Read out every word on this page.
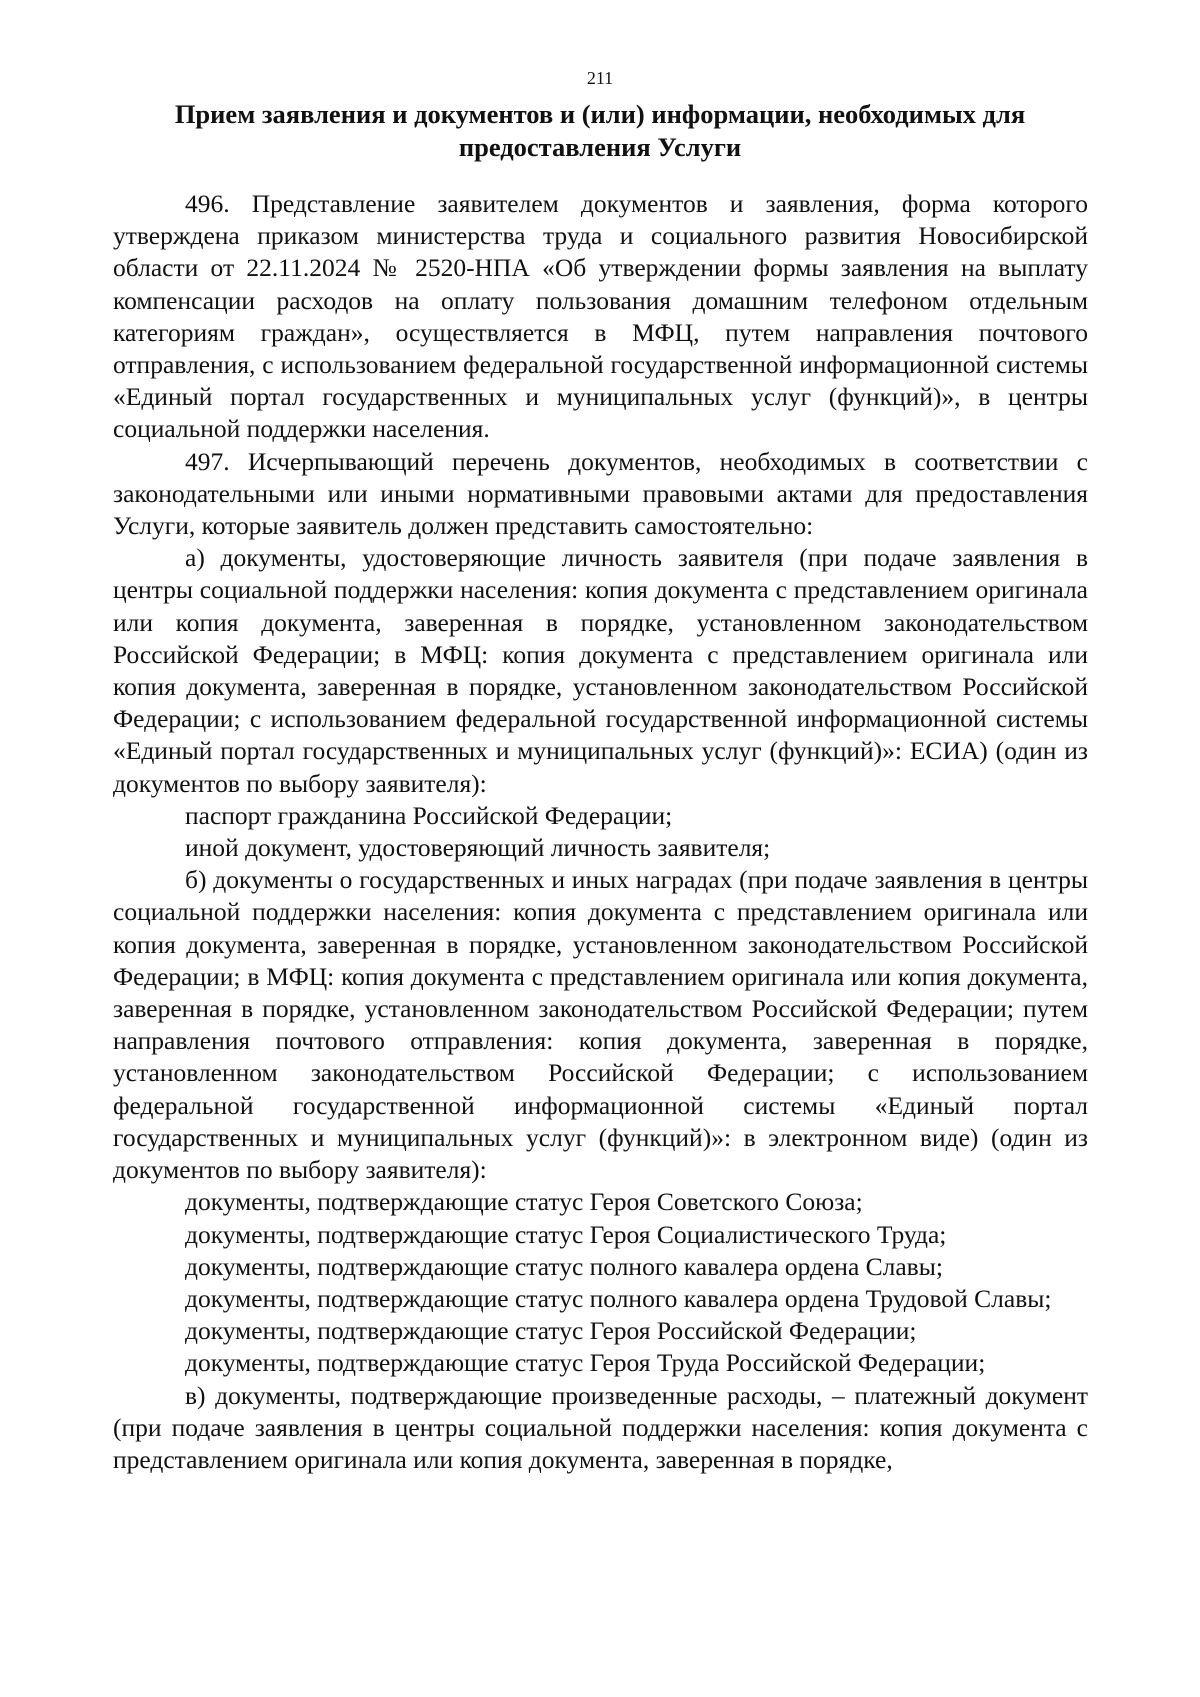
211
Прием заявления и документов и (или) информации, необходимых для
предоставления Услуги

496. Представление заявителем документов и заявления, форма которого утверждена приказом министерства труда и социального развития Новосибирской области от 22.11.2024 № 2520-НПА «Об утверждении формы заявления на выплату компенсации расходов на оплату пользования домашним телефоном отдельным категориям граждан», осуществляется в МФЦ, путем направления почтового отправления, с использованием федеральной государственной информационной системы «Единый портал государственных и муниципальных услуг (функций)», в центры социальной поддержки населения.

497. Исчерпывающий перечень документов, необходимых в соответствии с законодательными или иными нормативными правовыми актами для предоставления Услуги, которые заявитель должен представить самостоятельно:

а) документы, удостоверяющие личность заявителя (при подаче заявления в центры социальной поддержки населения: копия документа с представлением оригинала или копия документа, заверенная в порядке, установленном законодательством Российской Федерации; в МФЦ: копия документа с представлением оригинала или копия документа, заверенная в порядке, установленном законодательством Российской Федерации; с использованием федеральной государственной информационной системы «Единый портал государственных и муниципальных услуг (функций)»: ЕСИА) (один из документов по выбору заявителя):

паспорт гражданина Российской Федерации;

иной документ, удостоверяющий личность заявителя;

б) документы о государственных и иных наградах (при подаче заявления в центры социальной поддержки населения: копия документа с представлением оригинала или копия документа, заверенная в порядке, установленном законодательством Российской Федерации; в МФЦ: копия документа с представлением оригинала или копия документа, заверенная в порядке, установленном законодательством Российской Федерации; путем направления почтового отправления: копия документа, заверенная в порядке, установленном законодательством Российской Федерации; с использованием федеральной государственной информационной системы «Единый портал государственных и муниципальных услуг (функций)»: в электронном виде) (один из документов по выбору заявителя):

документы, подтверждающие статус Героя Советского Союза;

документы, подтверждающие статус Героя Социалистического Труда;

документы, подтверждающие статус полного кавалера ордена Славы;

документы, подтверждающие статус полного кавалера ордена Трудовой Славы;

документы, подтверждающие статус Героя Российской Федерации;

документы, подтверждающие статус Героя Труда Российской Федерации;

в) документы, подтверждающие произведенные расходы, – платежный документ (при подаче заявления в центры социальной поддержки населения: копия документа с представлением оригинала или копия документа, заверенная в порядке,
